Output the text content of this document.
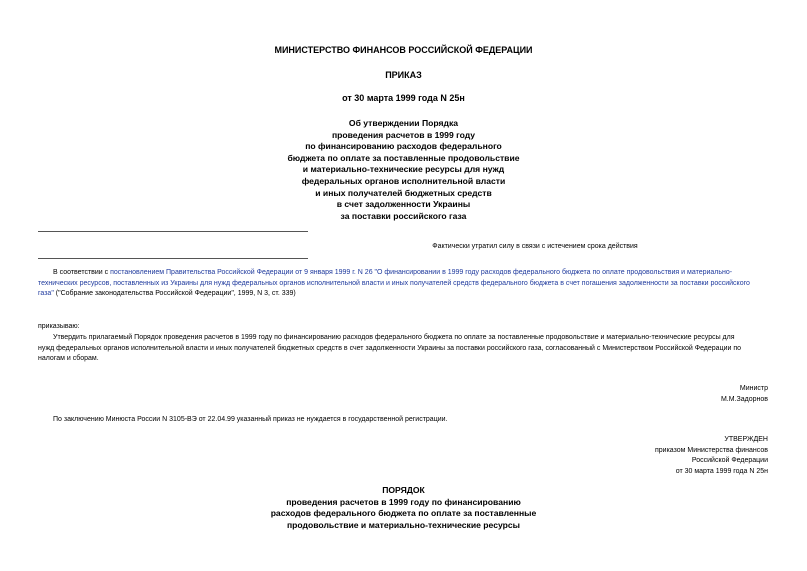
МИНИСТЕРСТВО ФИНАНСОВ РОССИЙСКОЙ ФЕДЕРАЦИИ
ПРИКАЗ
от 30 марта 1999 года N 25н
Об утверждении Порядка
проведения расчетов в 1999 году
по финансированию расходов федерального
бюджета по оплате за поставленные продовольствие
и материально-технические ресурсы для нужд
федеральных органов исполнительной власти
и иных получателей бюджетных средств
в счет задолженности Украины
за поставки российского газа
Фактически утратил силу в связи с истечением срока действия
В соответствии с постановлением Правительства Российской Федерации от 9 января 1999 г. N 26 "О финансировании в 1999 году расходов федерального бюджета по оплате продовольствия и материально-
технических ресурсов, поставленных из Украины для нужд федеральных органов исполнительной власти и иных получателей средств федерального бюджета в счет погашения задолженности за поставки российского
газа" ("Собрание законодательства Российской Федерации", 1999, N 3, ст. 339)
приказываю:
Утвердить прилагаемый Порядок проведения расчетов в 1999 году по финансированию расходов федерального бюджета по оплате за поставленные продовольствие и материально-технические ресурсы для
нужд федеральных органов исполнительной власти и иных получателей бюджетных средств в счет задолженности Украины за поставки российского газа, согласованный с Министерством Российской Федерации по
налогам и сборам.
Министр
М.М.Задорнов
По заключению Минюста России N 3105-ВЭ от 22.04.99 указанный приказ не нуждается в государственной регистрации.
УТВЕРЖДЕН
приказом Министерства финансов
Российской Федерации
от 30 марта 1999 года N 25н
ПОРЯДОК
проведения расчетов в 1999 году по финансированию
расходов федерального бюджета по оплате за поставленные
продовольствие и материально-технические ресурсы
